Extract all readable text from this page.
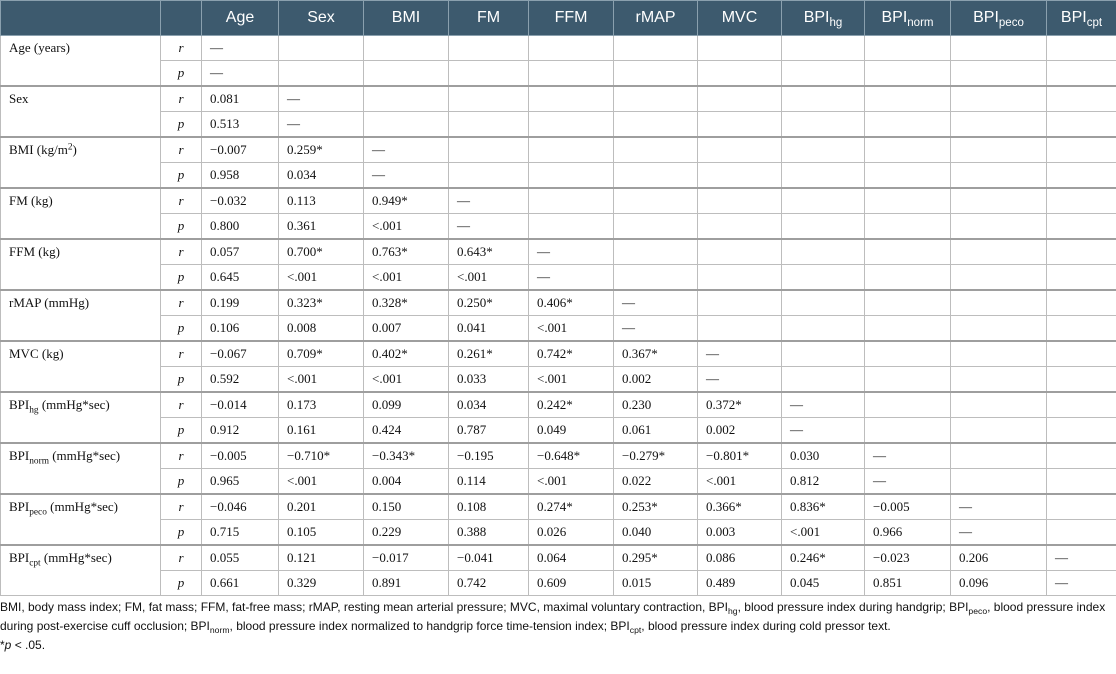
		Age	Sex	BMI	FM	FFM	rMAP	MVC	$BPI_{hg}$	$BPI_{norm}$	$BPI_{peco}$	$BPI_{cpt}$
Age (years)	r	—										
	p	—										
Sex	r	0.081	—									
	p	0.513	—									
BMI $(kg/m^2)$	r	−0.007	0.259*	—								
	p	0.958	0.034	—								
FM (kg)	r	−0.032	0.113	0.949*	—							
	p	0.800	0.361	<.001	—							
FFM (kg)	r	0.057	0.700*	0.763*	0.643*	—						
	p	0.645	<.001	<.001	<.001	—						
rMAP (mmHg)	r	0.199	0.323*	0.328*	0.250*	0.406*	—					
	p	0.106	0.008	0.007	0.041	<.001	—					
MVC (kg)	r	−0.067	0.709*	0.402*	0.261*	0.742*	0.367*	—				
	p	0.592	<.001	<.001	0.033	<.001	0.002	—				
$BPI_{hg}$ (mmHg*sec)	r	−0.014	0.173	0.099	0.034	0.242*	0.230	0.372*	—			
	p	0.912	0.161	0.424	0.787	0.049	0.061	0.002	—			
$BPI_{norm}$ (mmHg*sec)	r	−0.005	−0.710*	−0.343*	−0.195	−0.648*	−0.279*	−0.801*	0.030	—		
	p	0.965	<.001	0.004	0.114	<.001	0.022	<.001	0.812	—		
$BPI_{peco}$ (mmHg*sec)	r	−0.046	0.201	0.150	0.108	0.274*	0.253*	0.366*	0.836*	−0.005	—	
	p	0.715	0.105	0.229	0.388	0.026	0.040	0.003	<.001	0.966	—	
$BPI_{cpt}$ (mmHg*sec)	r	0.055	0.121	−0.017	−0.041	0.064	0.295*	0.086	0.246*	−0.023	0.206	—
	p	0.661	0.329	0.891	0.742	0.609	0.015	0.489	0.045	0.851	0.096	—

BMI, body mass index; FM, fat mass; FFM, fat-free mass; rMAP, resting mean arterial pressure; MVC, maximal voluntary contraction, $BPI_{hg}$, blood pressure index during handgrip; $BPI_{peco}$, blood pressure index during post-exercise cuff occlusion; $BPI_{norm}$, blood pressure index normalized to handgrip force time-tension index; $BPI_{cpt}$, blood pressure index during cold pressor text.

*p < .05.
